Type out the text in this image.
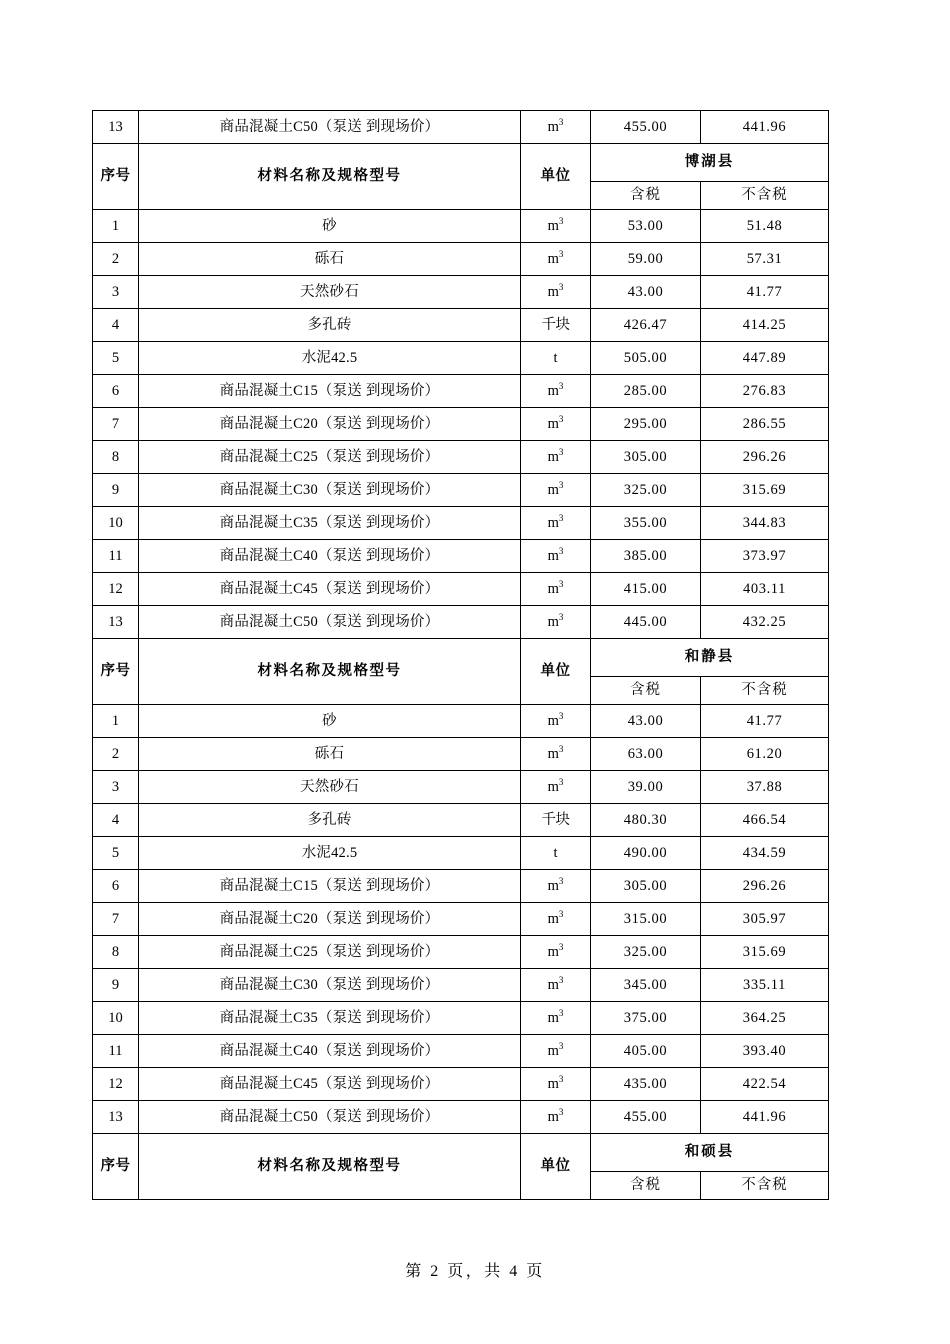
13	商品混凝土C50（泵送 到现场价）	$m^3$	455.00	441.96
序号	材料名称及规格型号	单位	博湖县	
			含税	不含税
1	砂	$m^3$	53.00	51.48
2	砾石	$m^3$	59.00	57.31
3	天然砂石	$m^3$	43.00	41.77
4	多孔砖	千块	426.47	414.25
5	水泥42.5	t	505.00	447.89
6	商品混凝土C15（泵送 到现场价）	$m^3$	285.00	276.83
7	商品混凝土C20（泵送 到现场价）	$m^3$	295.00	286.55
8	商品混凝土C25（泵送 到现场价）	$m^3$	305.00	296.26
9	商品混凝土C30（泵送 到现场价）	$m^3$	325.00	315.69
10	商品混凝土C35（泵送 到现场价）	$m^3$	355.00	344.83
11	商品混凝土C40（泵送 到现场价）	$m^3$	385.00	373.97
12	商品混凝土C45（泵送 到现场价）	$m^3$	415.00	403.11
13	商品混凝土C50（泵送 到现场价）	$m^3$	445.00	432.25
序号	材料名称及规格型号	单位	和静县	
			含税	不含税
1	砂	$m^3$	43.00	41.77
2	砾石	$m^3$	63.00	61.20
3	天然砂石	$m^3$	39.00	37.88
4	多孔砖	千块	480.30	466.54
5	水泥42.5	t	490.00	434.59
6	商品混凝土C15（泵送 到现场价）	$m^3$	305.00	296.26
7	商品混凝土C20（泵送 到现场价）	$m^3$	315.00	305.97
8	商品混凝土C25（泵送 到现场价）	$m^3$	325.00	315.69
9	商品混凝土C30（泵送 到现场价）	$m^3$	345.00	335.11
10	商品混凝土C35（泵送 到现场价）	$m^3$	375.00	364.25
11	商品混凝土C40（泵送 到现场价）	$m^3$	405.00	393.40
12	商品混凝土C45（泵送 到现场价）	$m^3$	435.00	422.54
13	商品混凝土C50（泵送 到现场价）	$m^3$	455.00	441.96
序号	材料名称及规格型号	单位	和硕县	
			含税	不含税
第 2 页，共 4 页
